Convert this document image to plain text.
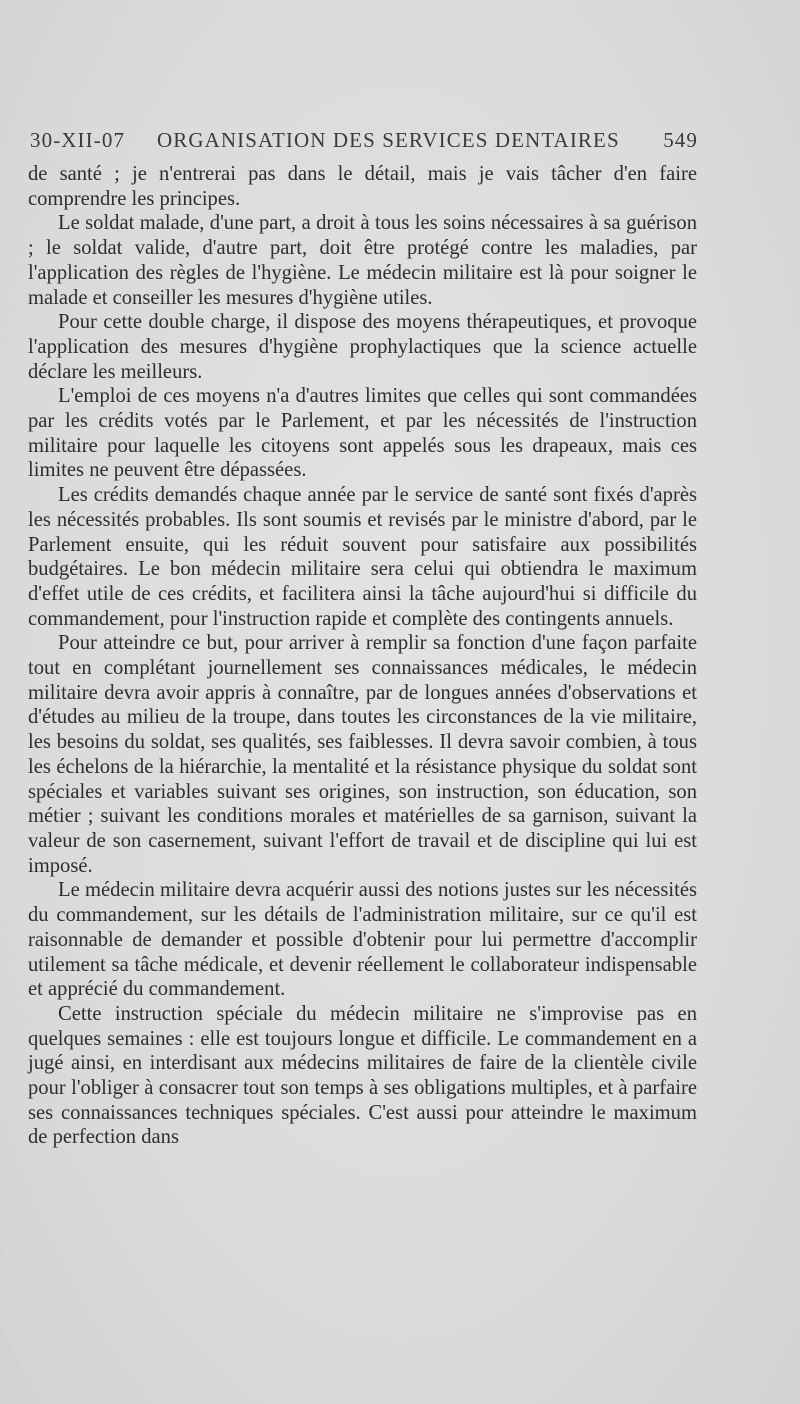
30-XII-07 ORGANISATION DES SERVICES DENTAIRES 549

de santé ; je n'entrerai pas dans le détail, mais je vais tâcher d'en faire comprendre les principes.

Le soldat malade, d'une part, a droit à tous les soins nécessaires à sa guérison ; le soldat valide, d'autre part, doit être protégé contre les maladies, par l'application des règles de l'hygiène. Le médecin militaire est là pour soigner le malade et conseiller les mesures d'hygiène utiles.

Pour cette double charge, il dispose des moyens thérapeutiques, et provoque l'application des mesures d'hygiène prophylactiques que la science actuelle déclare les meilleurs.

L'emploi de ces moyens n'a d'autres limites que celles qui sont commandées par les crédits votés par le Parlement, et par les nécessités de l'instruction militaire pour laquelle les citoyens sont appelés sous les drapeaux, mais ces limites ne peuvent être dépassées.

Les crédits demandés chaque année par le service de santé sont fixés d'après les nécessités probables. Ils sont soumis et revisés par le ministre d'abord, par le Parlement ensuite, qui les réduit souvent pour satisfaire aux possibilités budgétaires. Le bon médecin militaire sera celui qui obtiendra le maximum d'effet utile de ces crédits, et facilitera ainsi la tâche aujourd'hui si difficile du commandement, pour l'instruction rapide et complète des contingents annuels.

Pour atteindre ce but, pour arriver à remplir sa fonction d'une façon parfaite tout en complétant journellement ses connaissances médicales, le médecin militaire devra avoir appris à connaître, par de longues années d'observations et d'études au milieu de la troupe, dans toutes les circonstances de la vie militaire, les besoins du soldat, ses qualités, ses faiblesses. Il devra savoir combien, à tous les échelons de la hiérarchie, la mentalité et la résistance physique du soldat sont spéciales et variables suivant ses origines, son instruction, son éducation, son métier ; suivant les conditions morales et matérielles de sa garnison, suivant la valeur de son casernement, suivant l'effort de travail et de discipline qui lui est imposé.

Le médecin militaire devra acquérir aussi des notions justes sur les nécessités du commandement, sur les détails de l'administration militaire, sur ce qu'il est raisonnable de demander et possible d'obtenir pour lui permettre d'accomplir utilement sa tâche médicale, et devenir réellement le collaborateur indispensable et apprécié du commandement.

Cette instruction spéciale du médecin militaire ne s'improvise pas en quelques semaines : elle est toujours longue et difficile. Le commandement en a jugé ainsi, en interdisant aux médecins militaires de faire de la clientèle civile pour l'obliger à consacrer tout son temps à ses obligations multiples, et à parfaire ses connaissances techniques spéciales. C'est aussi pour atteindre le maximum de perfection dans
